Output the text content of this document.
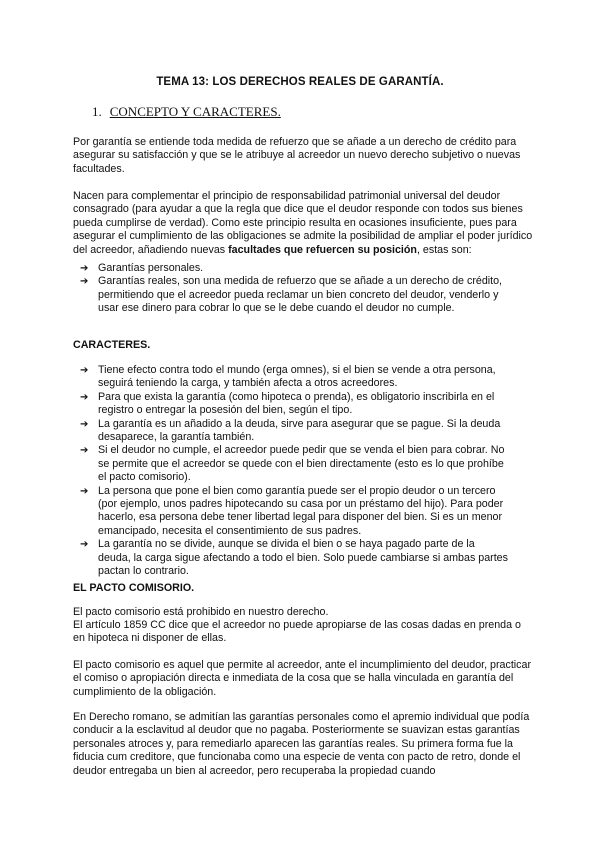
TEMA 13: LOS DERECHOS REALES DE GARANTÍA.
1. CONCEPTO Y CARACTERES.

Por garantía se entiende toda medida de refuerzo que se añade a un derecho de crédito para asegurar su satisfacción y que se le atribuye al acreedor un nuevo derecho subjetivo o nuevas facultades.

Nacen para complementar el principio de responsabilidad patrimonial universal del deudor consagrado (para ayudar a que la regla que dice que el deudor responde con todos sus bienes pueda cumplirse de verdad). Como este principio resulta en ocasiones insuficiente, pues para asegurar el cumplimiento de las obligaciones se admite la posibilidad de ampliar el poder jurídico del acreedor, añadiendo nuevas facultades que refuercen su posición, estas son:

➔ Garantías personales.
➔ Garantías reales, son una medida de refuerzo que se añade a un derecho de crédito, permitiendo que el acreedor pueda reclamar un bien concreto del deudor, venderlo y usar ese dinero para cobrar lo que se le debe cuando el deudor no cumple.
CARACTERES.
➔ Tiene efecto contra todo el mundo (erga omnes), si el bien se vende a otra persona, seguirá teniendo la carga, y también afecta a otros acreedores.
➔ Para que exista la garantía (como hipoteca o prenda), es obligatorio inscribirla en el registro o entregar la posesión del bien, según el tipo.
➔ La garantía es un añadido a la deuda, sirve para asegurar que se pague. Si la deuda desaparece, la garantía también.
➔ Si el deudor no cumple, el acreedor puede pedir que se venda el bien para cobrar. No se permite que el acreedor se quede con el bien directamente (esto es lo que prohíbe el pacto comisorio).
➔ La persona que pone el bien como garantía puede ser el propio deudor o un tercero (por ejemplo, unos padres hipotecando su casa por un préstamo del hijo). Para poder hacerlo, esa persona debe tener libertad legal para disponer del bien. Si es un menor emancipado, necesita el consentimiento de sus padres.
➔ La garantía no se divide, aunque se divida el bien o se haya pagado parte de la deuda, la carga sigue afectando a todo el bien. Solo puede cambiarse si ambas partes pactan lo contrario.
EL PACTO COMISORIO.

El pacto comisorio está prohibido en nuestro derecho.

El artículo 1859 CC dice que el acreedor no puede apropiarse de las cosas dadas en prenda o en hipoteca ni disponer de ellas.

El pacto comisorio es aquel que permite al acreedor, ante el incumplimiento del deudor, practicar el comiso o apropiación directa e inmediata de la cosa que se halla vinculada en garantía del cumplimiento de la obligación.

En Derecho romano, se admitían las garantías personales como el apremio individual que podía conducir a la esclavitud al deudor que no pagaba. Posteriormente se suavizan estas garantías personales atroces y, para remediarlo aparecen las garantías reales. Su primera forma fue la fiducia cum creditore, que funcionaba como una especie de venta con pacto de retro, donde el deudor entregaba un bien al acreedor, pero recuperaba la propiedad cuando
